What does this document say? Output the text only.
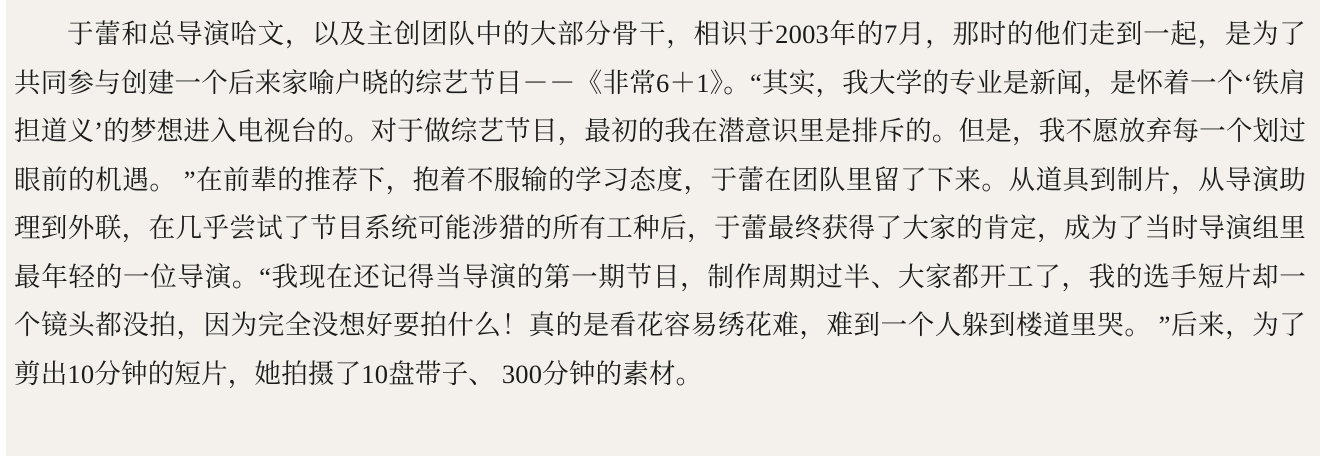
于蕾和总导演哈文，以及主创团队中的大部分骨干，相识于2003年的7月，那时的他们走到一起，是为了共同参与创建一个后来家喻户晓的综艺节目－－《非常6＋1》。“其实，我大学的专业是新闻，是怀着一个‘铁肩担道义’的梦想进入电视台的。对于做综艺节目，最初的我在潜意识里是排斥的。但是，我不愿放弃每一个划过眼前的机遇。 ”在前辈的推荐下，抱着不服输的学习态度，于蕾在团队里留了下来。从道具到制片，从导演助理到外联，在几乎尝试了节目系统可能涉猎的所有工种后，于蕾最终获得了大家的肯定，成为了当时导演组里最年轻的一位导演。“我现在还记得当导演的第一期节目，制作周期过半、大家都开工了，我的选手短片却一个镜头都没拍，因为完全没想好要拍什么！真的是看花容易绣花难，难到一个人躲到楼道里哭。 ”后来，为了剪出10分钟的短片，她拍摄了10盘带子、 300分钟的素材。
